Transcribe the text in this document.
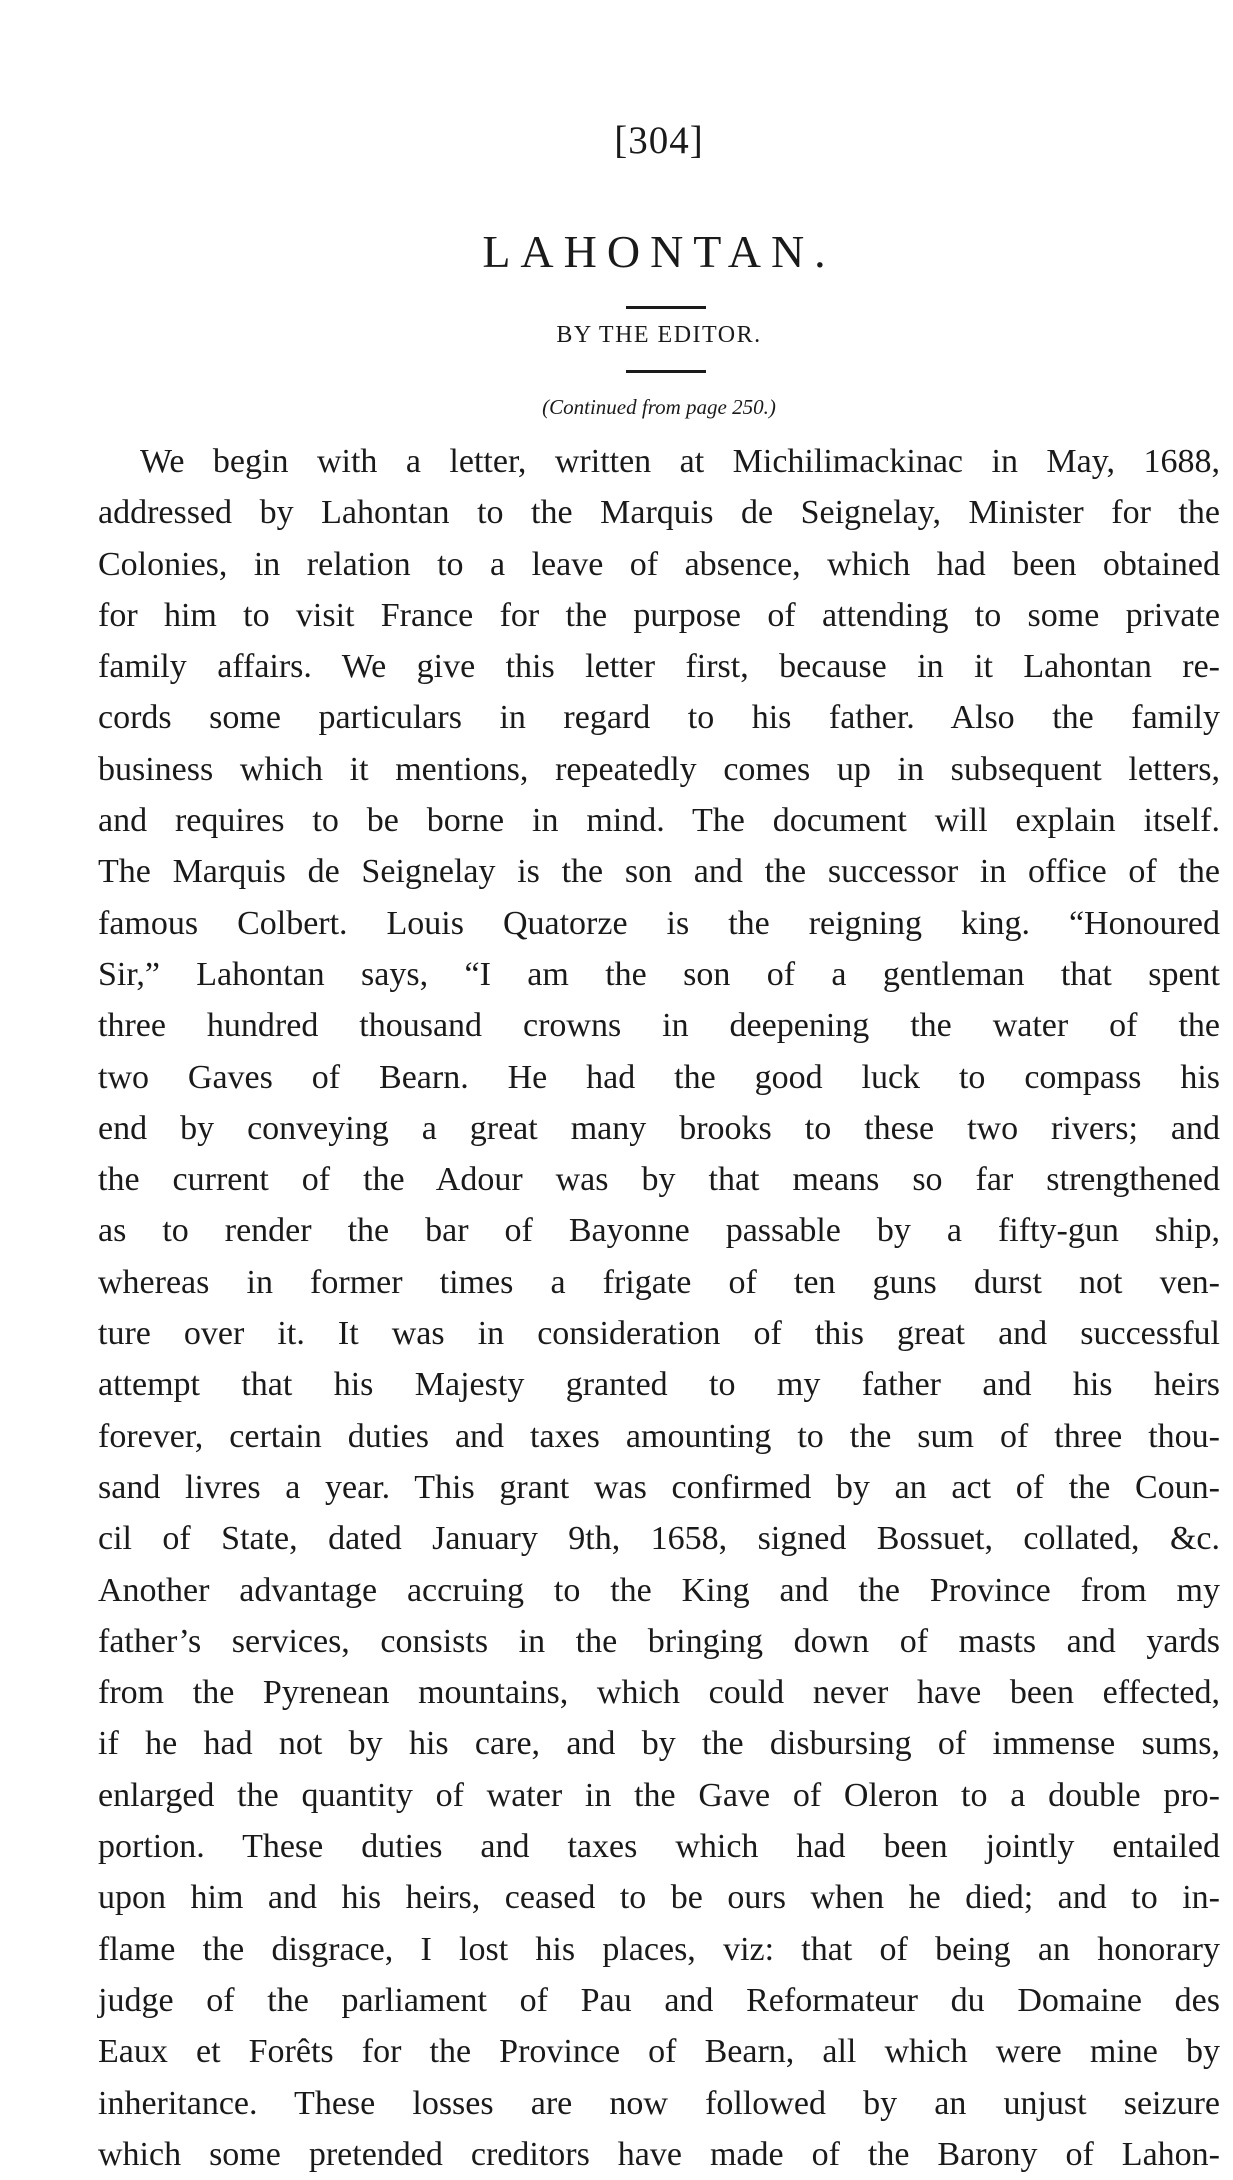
[304]
LAHONTAN.
BY THE EDITOR.
(Continued from page 250.)
We begin with a letter, written at Michilimackinac in May, 1688,
addressed by Lahontan to the Marquis de Seignelay, Minister for the
Colonies, in relation to a leave of absence, which had been obtained
for him to visit France for the purpose of attending to some private
family affairs. We give this letter first, because in it Lahontan re-
cords some particulars in regard to his father. Also the family
business which it mentions, repeatedly comes up in subsequent letters,
and requires to be borne in mind. The document will explain itself.
The Marquis de Seignelay is the son and the successor in office of the
famous Colbert. Louis Quatorze is the reigning king. “Honoured
Sir,” Lahontan says, “I am the son of a gentleman that spent
three hundred thousand crowns in deepening the water of the
two Gaves of Bearn. He had the good luck to compass his
end by conveying a great many brooks to these two rivers; and
the current of the Adour was by that means so far strengthened
as to render the bar of Bayonne passable by a fifty-gun ship,
whereas in former times a frigate of ten guns durst not ven-
ture over it. It was in consideration of this great and successful
attempt that his Majesty granted to my father and his heirs
forever, certain duties and taxes amounting to the sum of three thou-
sand livres a year. This grant was confirmed by an act of the Coun-
cil of State, dated January 9th, 1658, signed Bossuet, collated, &c.
Another advantage accruing to the King and the Province from my
father’s services, consists in the bringing down of masts and yards
from the Pyrenean mountains, which could never have been effected,
if he had not by his care, and by the disbursing of immense sums,
enlarged the quantity of water in the Gave of Oleron to a double pro-
portion. These duties and taxes which had been jointly entailed
upon him and his heirs, ceased to be ours when he died; and to in-
flame the disgrace, I lost his places, viz: that of being an honorary
judge of the parliament of Pau and Reformateur du Domaine des
Eaux et Forêts for the Province of Bearn, all which were mine by
inheritance. These losses are now followed by an unjust seizure
which some pretended creditors have made of the Barony of Lahon-
